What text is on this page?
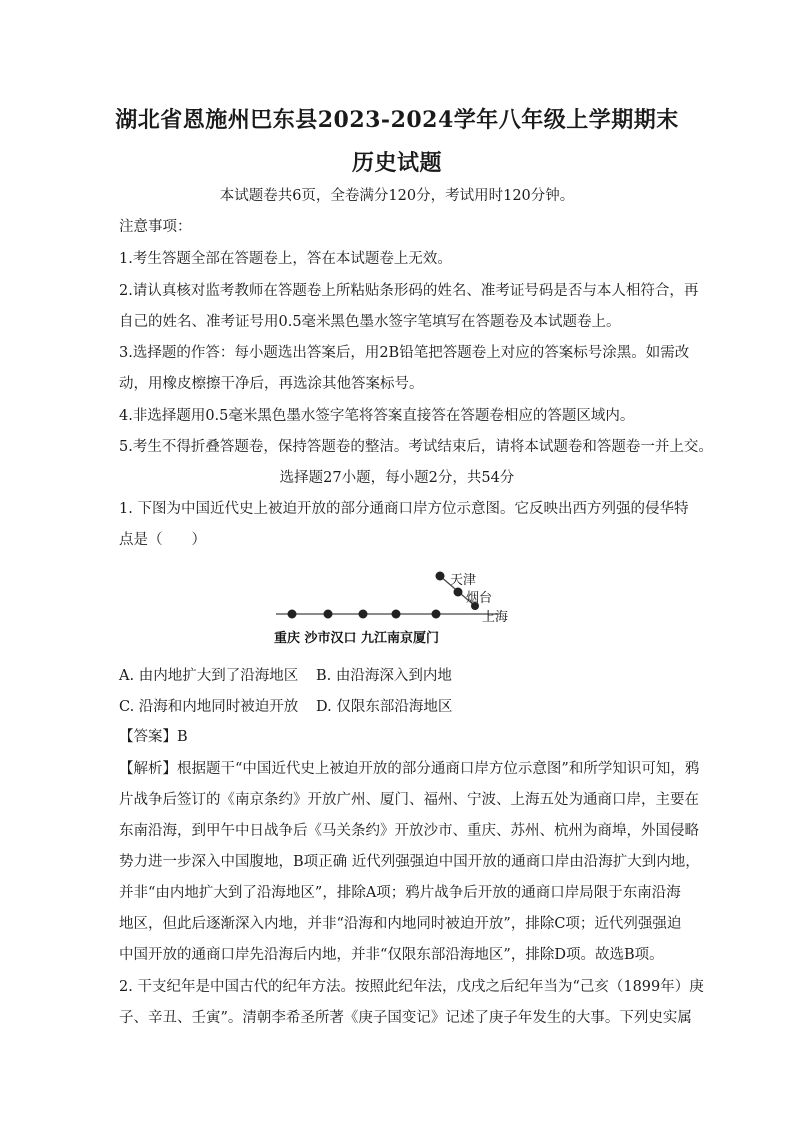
湖北省恩施州巴东县2023-2024学年八年级上学期期末
历史试题
本试题卷共6页，全卷满分120分，考试用时120分钟。
注意事项：
1.考生答题全部在答题卷上，答在本试题卷上无效。
2.请认真核对监考教师在答题卷上所粘贴条形码的姓名、准考证号码是否与本人相符合，再
自己的姓名、准考证号用0.5毫米黑色墨水签字笔填写在答题卷及本试题卷上。
3.选择题的作答：每小题选出答案后，用2B铅笔把答题卷上对应的答案标号涂黑。如需改
动，用橡皮檫擦干净后，再选涂其他答案标号。
4.非选择题用0.5毫米黑色墨水签字笔将答案直接答在答题卷相应的答题区域内。
5.考生不得折叠答题卷，保持答题卷的整洁。考试结束后，请将本试题卷和答题卷一并上交。
选择题27小题，每小题2分，共54分
1. 下图为中国近代史上被迫开放的部分通商口岸方位示意图。它反映出西方列强的侵华特
点是（　　）
天津
烟台
上海
重庆 沙市汉口 九江南京厦门
A. 由内地扩大到了沿海地区 B. 由沿海深入到内地
C. 沿海和内地同时被迫开放 D. 仅限东部沿海地区
【答案】B
【解析】根据题干“中国近代史上被迫开放的部分通商口岸方位示意图”和所学知识可知，鸦
片战争后签订的《南京条约》开放广州、厦门、福州、宁波、上海五处为通商口岸，主要在
东南沿海，到甲午中日战争后《马关条约》开放沙市、重庆、苏州、杭州为商埠，外国侵略
势力进一步深入中国腹地，B项正确 近代列强强迫中国开放的通商口岸由沿海扩大到内地，
并非“由内地扩大到了沿海地区”，排除A项；鸦片战争后开放的通商口岸局限于东南沿海
地区，但此后逐渐深入内地，并非“沿海和内地同时被迫开放”，排除C项；近代列强强迫
中国开放的通商口岸先沿海后内地，并非“仅限东部沿海地区”，排除D项。故选B项。
2. 干支纪年是中国古代的纪年方法。按照此纪年法，戊戌之后纪年当为“己亥（1899年）庚
子、辛丑、壬寅”。清朝李希圣所著《庚子国变记》记述了庚子年发生的大事。下列史实属
